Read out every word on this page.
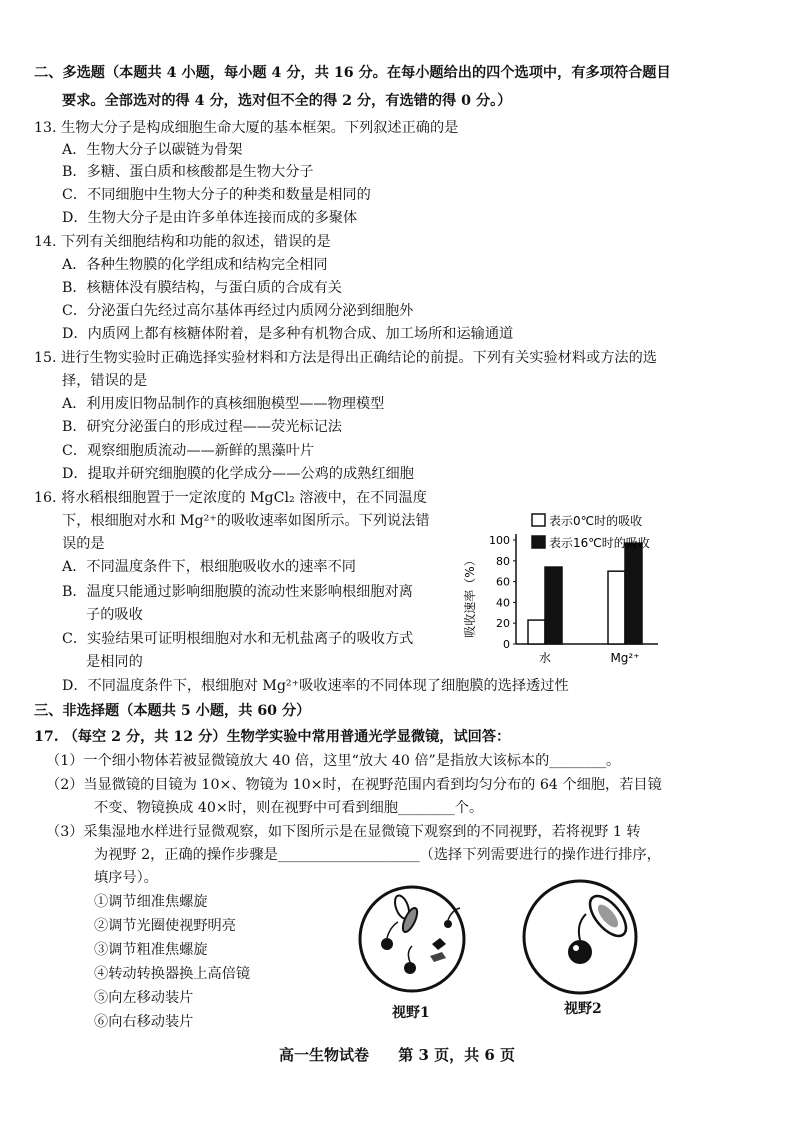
二、多选题（本题共 4 小题，每小题 4 分，共 16 分。在每小题给出的四个选项中，有多项符合题目
要求。全部选对的得 4 分，选对但不全的得 2 分，有选错的得 0 分。）
13. 生物大分子是构成细胞生命大厦的基本框架。下列叙述正确的是
A．生物大分子以碳链为骨架
B．多糖、蛋白质和核酸都是生物大分子
C．不同细胞中生物大分子的种类和数量是相同的
D．生物大分子是由许多单体连接而成的多聚体
14. 下列有关细胞结构和功能的叙述，错误的是
A．各种生物膜的化学组成和结构完全相同
B．核糖体没有膜结构，与蛋白质的合成有关
C．分泌蛋白先经过高尔基体再经过内质网分泌到细胞外
D．内质网上都有核糖体附着，是多种有机物合成、加工场所和运输通道
15. 进行生物实验时正确选择实验材料和方法是得出正确结论的前提。下列有关实验材料或方法的选
择，错误的是
A．利用废旧物品制作的真核细胞模型——物理模型
B．研究分泌蛋白的形成过程——荧光标记法
C．观察细胞质流动——新鲜的黑藻叶片
D．提取并研究细胞膜的化学成分——公鸡的成熟红细胞
16. 将水稻根细胞置于一定浓度的 MgCl₂ 溶液中，在不同温度
下，根细胞对水和 Mg²⁺的吸收速率如图所示。下列说法错
误的是
A．不同温度条件下，根细胞吸收水的速率不同
B．温度只能通过影响细胞膜的流动性来影响根细胞对离
子的吸收
C．实验结果可证明根细胞对水和无机盐离子的吸收方式
是相同的
D．不同温度条件下，根细胞对 Mg²⁺吸收速率的不同体现了细胞膜的选择透过性
吸收速率（%）
0
20
40
60
80
100
水	Mg²⁺
表示0℃时的吸收
表示16℃时的吸收
三、非选择题（本题共 5 小题，共 60 分）
17. （每空 2 分，共 12 分）生物学实验中常用普通光学显微镜，试回答：
（1）一个细小物体若被显微镜放大 40 倍，这里“放大 40 倍”是指放大该标本的________。
（2）当显微镜的目镜为 10×、物镜为 10×时，在视野范围内看到均匀分布的 64 个细胞，若目镜
不变、物镜换成 40×时，则在视野中可看到细胞________个。
（3）采集湿地水样进行显微观察，如下图所示是在显微镜下观察到的不同视野，若将视野 1 转
为视野 2，正确的操作步骤是____________________（选择下列需要进行的操作进行排序，
填序号）。
①调节细准焦螺旋
②调节光圈使视野明亮
③调节粗准焦螺旋
④转动转换器换上高倍镜
⑤向左移动装片
⑥向右移动装片
视野1	视野2
高一生物试卷 第 3 页，共 6 页
